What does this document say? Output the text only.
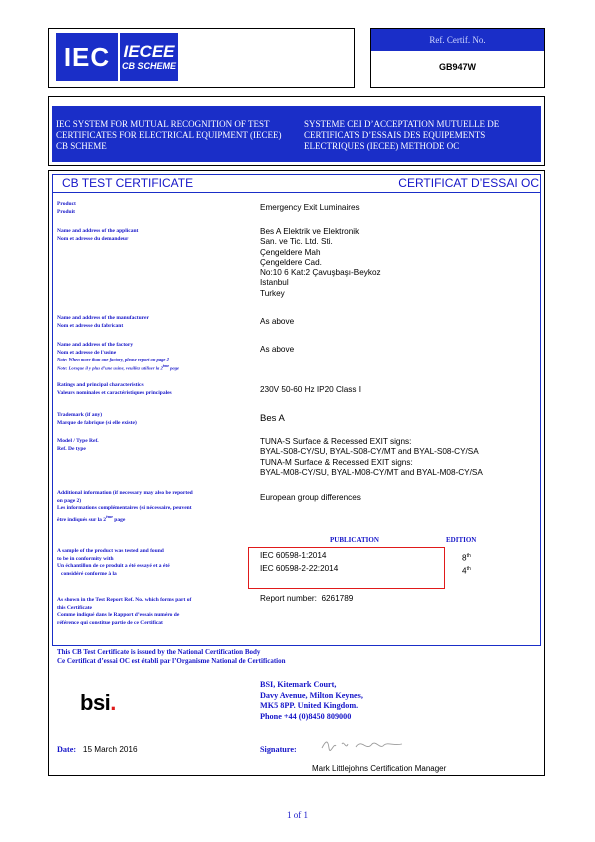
IEC IECEE
CB SCHEME
Ref. Certif. No.
GB947W
IEC SYSTEM FOR MUTUAL RECOGNITION OF TEST
CERTIFICATES FOR ELECTRICAL EQUIPMENT (IECEE)
CB SCHEME
SYSTEME CEI D’ACCEPTATION MUTUELLE DE
CERTIFICATS D’ESSAIS DES EQUIPEMENTS
ELECTRIQUES (IECEE) METHODE OC
CB TEST CERTIFICATE	CERTIFICAT D’ESSAI OC
Product
Produit	Emergency Exit Luminaires
Name and address of the applicant
Nom et adresse du demandeur
Bes A Elektrik ve Elektronik
San. ve Tic. Ltd. Sti.
Çengeldere Mah
Çengeldere Cad.
No:10 6 Kat:2 Çavuşbaşı-Beykoz
Istanbul
Turkey
Name and address of the manufacturer
Nom et adresse du fabricant	As above
Name and address of the factory
Nom et adresse de l'usine
Note: When more than one factory, please report on page 2
Note: Lorsque il y plus d’une usine, veuillez utiliser la 2ème page
As above
Ratings and principal characteristics
Valeurs nominales et caractéristiques principales	230V 50-60 Hz IP20 Class I
Trademark (if any)
Marque de fabrique (si elle existe)	Bes A
Model / Type Ref.
Ref. De type
TUNA-S Surface & Recessed EXIT signs:
BYAL-S08-CY/SU, BYAL-S08-CY/MT and BYAL-S08-CY/SA
TUNA-M Surface & Recessed EXIT signs:
BYAL-M08-CY/SU, BYAL-M08-CY/MT and BYAL-M08-CY/SA
Additional information (if necessary may also be reported
on page 2)
Les informations complémentaires (si nécessaire, peuvent
être indiqués sur la 2ème page
European group differences
PUBLICATION	EDITION
A sample of the product was tested and found
to be in conformity with
Un échantillon de ce produit a été essayé et a été
considéré conforme à la
IEC 60598-1:2014	8th
IEC 60598-2-22:2014	4th
As shown in the Test Report Ref. No. which forms part of
this Certificate
Comme indiqué dans le Rapport d’essais numéro de
référence qui constitue partie de ce Certificat
Report number: 6261789
This CB Test Certificate is issued by the National Certification Body
Ce Certificat d’essai OC est établi par l’Organisme National de Certification
bsi.
BSI, Kitemark Court,
Davy Avenue, Milton Keynes,
MK5 8PP. United Kingdom.
Phone +44 (0)8450 809000
Date: 15 March 2016	Signature:
Mark Littlejohns Certification Manager
1 of 1
